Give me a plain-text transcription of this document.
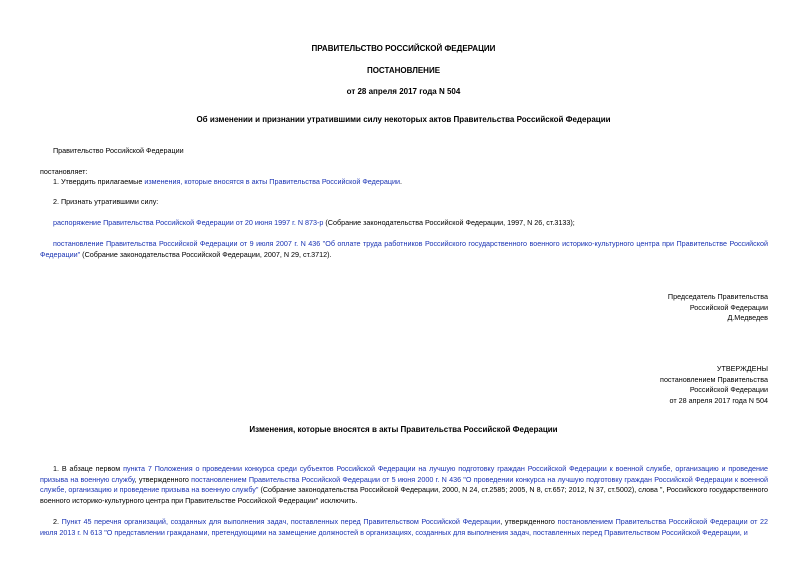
ПРАВИТЕЛЬСТВО РОССИЙСКОЙ ФЕДЕРАЦИИ
ПОСТАНОВЛЕНИЕ
от 28 апреля 2017 года N 504
Об изменении и признании утратившими силу некоторых актов Правительства Российской Федерации
Правительство Российской Федерации
постановляет:
1. Утвердить прилагаемые изменения, которые вносятся в акты Правительства Российской Федерации.
2. Признать утратившими силу:
распоряжение Правительства Российской Федерации от 20 июня 1997 г. N 873-р (Собрание законодательства Российской Федерации, 1997, N 26, ст.3133);
постановление Правительства Российской Федерации от 9 июля 2007 г. N 436 "Об оплате труда работников Российского государственного военного историко-культурного центра при Правительстве Российской Федерации" (Собрание законодательства Российской Федерации, 2007, N 29, ст.3712).
Председатель Правительства
Российской Федерации
Д.Медведев
УТВЕРЖДЕНЫ
постановлением Правительства
Российской Федерации
от 28 апреля 2017 года N 504
Изменения, которые вносятся в акты Правительства Российской Федерации
1. В абзаце первом пункта 7 Положения о проведении конкурса среди субъектов Российской Федерации на лучшую подготовку граждан Российской Федерации к военной службе, организацию и проведение призыва на военную службу, утвержденного постановлением Правительства Российской Федерации от 5 июня 2000 г. N 436 "О проведении конкурса на лучшую подготовку граждан Российской Федерации к военной службе, организацию и проведение призыва на военную службу" (Собрание законодательства Российской Федерации, 2000, N 24, ст.2585; 2005, N 8, ст.657; 2012, N 37, ст.5002), слова ", Российского государственного военного историко-культурного центра при Правительстве Российской Федерации" исключить.
2. Пункт 45 перечня организаций, созданных для выполнения задач, поставленных перед Правительством Российской Федерации, утвержденного постановлением Правительства Российской Федерации от 22 июля 2013 г. N 613 "О представлении гражданами, претендующими на замещение должностей в организациях, созданных для выполнения задач, поставленных перед Правительством Российской Федерации, и
